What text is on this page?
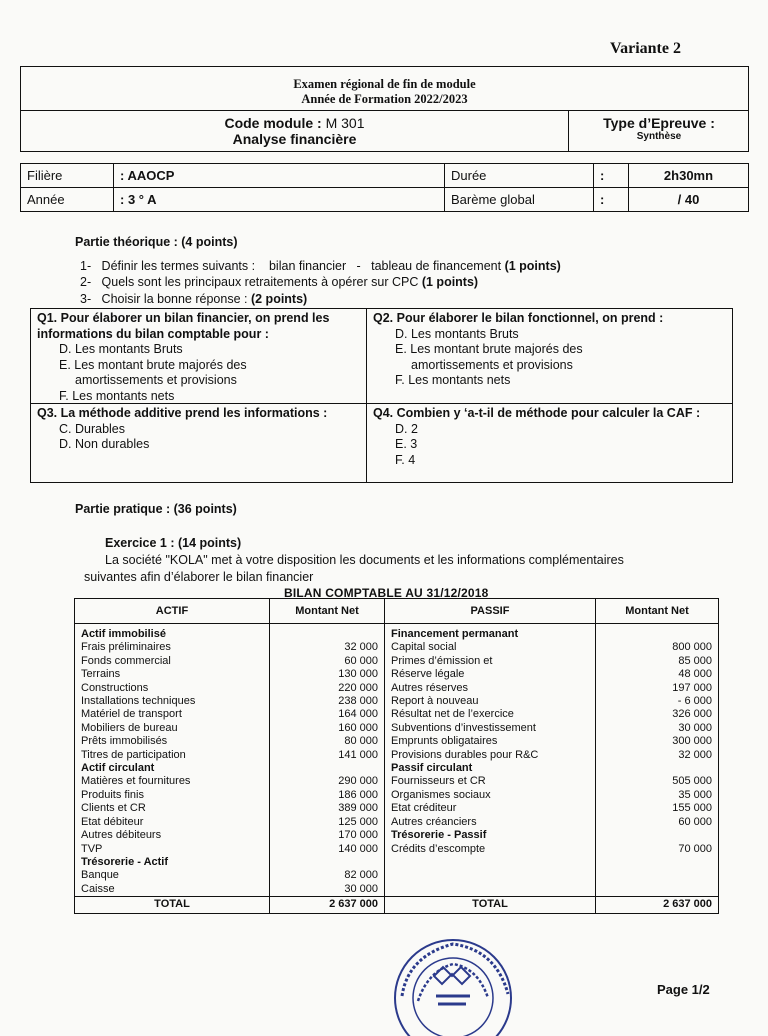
Variante 2
Examen régional de fin de module
Année de Formation 2022/2023
Code module : M 301
Analyse financière
Type d’Epreuve :
Synthèse
Filière	: AAOCP	Durée	:	2h30mn
Année	: 3 ° A	Barème global	:	/ 40
Partie théorique : (4 points)
1- Définir les termes suivants : bilan financier   -   tableau de financement (1 points)
2- Quels sont les principaux retraitements à opérer sur CPC (1 points)
3- Choisir la bonne réponse : (2 points)
Q1. Pour élaborer un bilan financier, on prend les informations du bilan comptable pour :
D. Les montants Bruts
E. Les montant brute majorés des
amortissements et provisions
F. Les montants nets
Q2. Pour élaborer le bilan fonctionnel, on prend :
D. Les montants Bruts
E. Les montant brute majorés des
amortissements et provisions
F. Les montants nets
Q3. La méthode additive prend les informations :
C. Durables
D. Non durables
Q4. Combien y ‘a-t-il de méthode pour calculer la CAF :
D. 2
E. 3
F. 4
Partie pratique : (36 points)
Exercice 1 : (14 points)
La société "KOLA" met à votre disposition les documents et les informations complémentaires
suivantes afin d’élaborer le bilan financier
BILAN COMPTABLE AU 31/12/2018
ACTIF	Montant Net	PASSIF	Montant Net
Actif immobilisé		Financement permanant	
Frais préliminaires	32 000	Capital social	800 000
Fonds commercial	60 000	Primes d’émission et	85 000
Terrains	130 000	Réserve légale	48 000
Constructions	220 000	Autres réserves	197 000
Installations techniques	238 000	Report à nouveau	- 6 000
Matériel de transport	164 000	Résultat net de l’exercice	326 000
Mobiliers de bureau	160 000	Subventions d’investissement	30 000
Prêts immobilisés	80 000	Emprunts obligataires	300 000
Titres de participation	141 000	Provisions durables pour R&C	32 000
Actif circulant		Passif circulant	
Matières et fournitures	290 000	Fournisseurs et CR	505 000
Produits finis	186 000	Organismes sociaux	35 000
Clients et CR	389 000	Etat créditeur	155 000
Etat débiteur	125 000	Autres créanciers	60 000
Autres débiteurs	170 000	Trésorerie - Passif	
TVP	140 000	Crédits d’escompte	70 000
Trésorerie - Actif			
Banque	82 000		
Caisse	30 000		
TOTAL	2 637 000	TOTAL	2 637 000
Page 1/2
